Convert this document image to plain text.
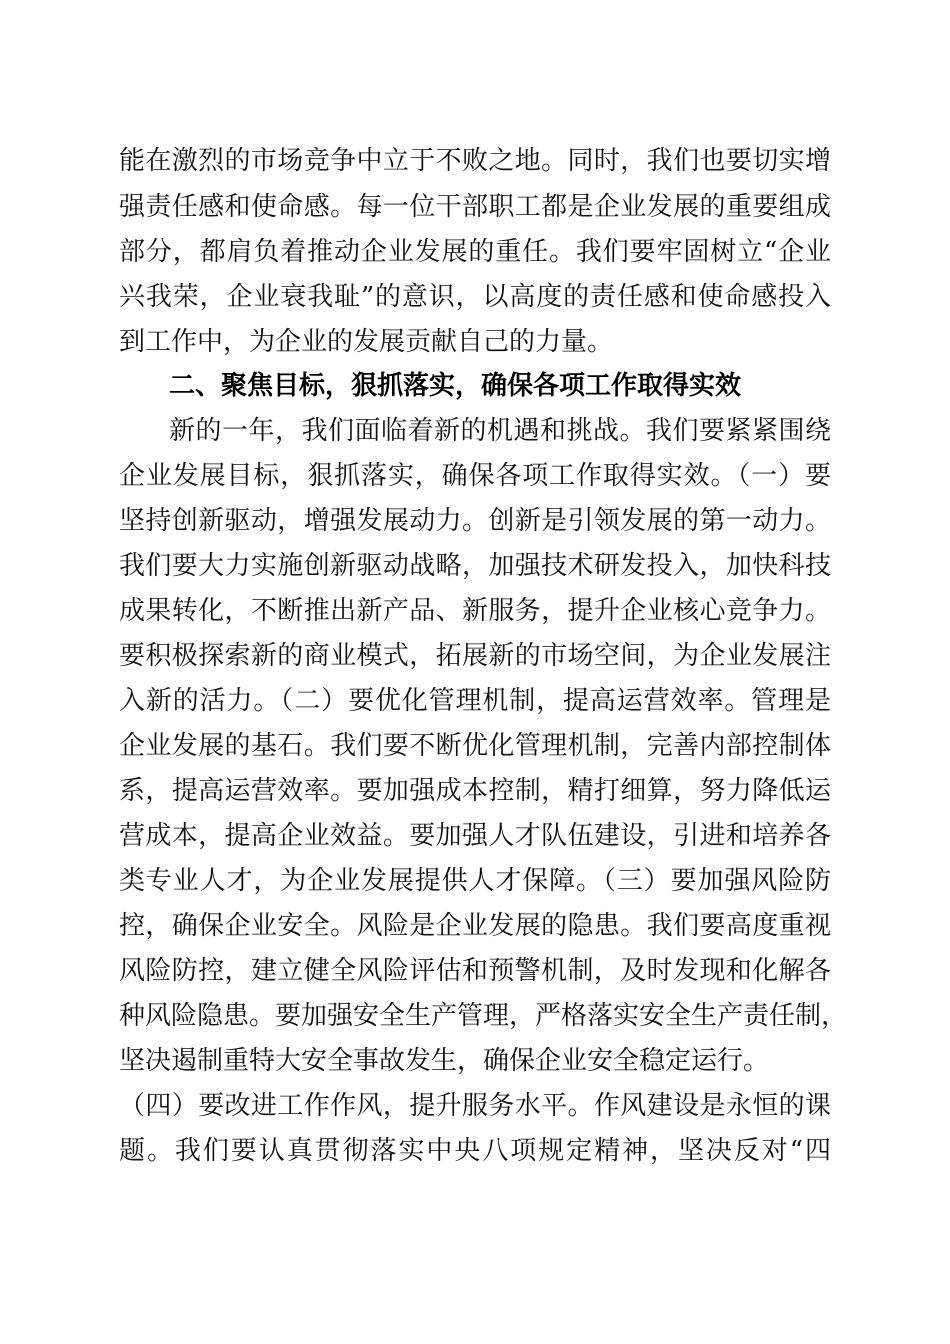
能在激烈的市场竞争中立于不败之地。同时，我们也要切实增
强责任感和使命感。每一位干部职工都是企业发展的重要组成
部分，都肩负着推动企业发展的重任。我们要牢固树立“企业
兴我荣，企业衰我耻”的意识，以高度的责任感和使命感投入
到工作中，为企业的发展贡献自己的力量。
二、聚焦目标，狠抓落实，确保各项工作取得实效
新的一年，我们面临着新的机遇和挑战。我们要紧紧围绕
企业发展目标，狠抓落实，确保各项工作取得实效。（一）要
坚持创新驱动，增强发展动力。创新是引领发展的第一动力。
我们要大力实施创新驱动战略，加强技术研发投入，加快科技
成果转化，不断推出新产品、新服务，提升企业核心竞争力。
要积极探索新的商业模式，拓展新的市场空间，为企业发展注
入新的活力。（二）要优化管理机制，提高运营效率。管理是
企业发展的基石。我们要不断优化管理机制，完善内部控制体
系，提高运营效率。要加强成本控制，精打细算，努力降低运
营成本，提高企业效益。要加强人才队伍建设，引进和培养各
类专业人才，为企业发展提供人才保障。（三）要加强风险防
控，确保企业安全。风险是企业发展的隐患。我们要高度重视
风险防控，建立健全风险评估和预警机制，及时发现和化解各
种风险隐患。要加强安全生产管理，严格落实安全生产责任制，
坚决遏制重特大安全事故发生，确保企业安全稳定运行。
（四）要改进工作作风，提升服务水平。作风建设是永恒的课
题。我们要认真贯彻落实中央八项规定精神，坚决反对“四
